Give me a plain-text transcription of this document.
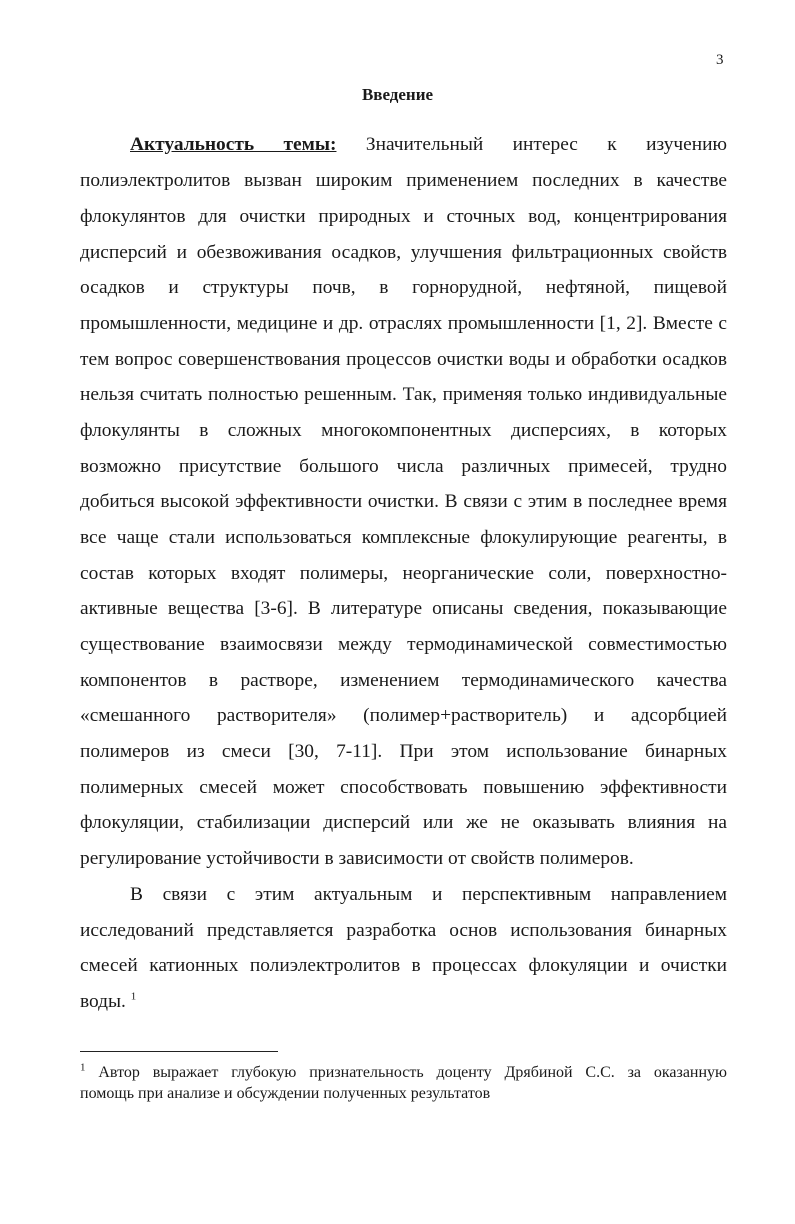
3
Введение
Актуальность темы: Значительный интерес к изучению
полиэлектролитов вызван широким применением последних в качестве
флокулянтов для очистки природных и сточных вод, концентрирования
дисперсий и обезвоживания осадков, улучшения фильтрационных свойств
осадков и структуры почв, в горнорудной, нефтяной, пищевой
промышленности, медицине и др. отраслях промышленности [1, 2]. Вместе с
тем вопрос совершенствования процессов очистки воды и обработки осадков
нельзя считать полностью решенным. Так, применяя только индивидуальные
флокулянты в сложных многокомпонентных дисперсиях, в которых
возможно присутствие большого числа различных примесей, трудно
добиться высокой эффективности очистки. В связи с этим в последнее время
все чаще стали использоваться комплексные флокулирующие реагенты, в
состав которых входят полимеры, неорганические соли, поверхностно-
активные вещества [3-6]. В литературе описаны сведения, показывающие
существование взаимосвязи между термодинамической совместимостью
компонентов в растворе, изменением термодинамического качества
«смешанного растворителя» (полимер+растворитель) и адсорбцией
полимеров из смеси [30, 7-11]. При этом использование бинарных
полимерных смесей может способствовать повышению эффективности
флокуляции, стабилизации дисперсий или же не оказывать влияния на
регулирование устойчивости в зависимости от свойств полимеров.
В связи с этим актуальным и перспективным направлением
исследований представляется разработка основ использования бинарных
смесей катионных полиэлектролитов в процессах флокуляции и очистки
воды. $^1$
$^1$ Автор выражает глубокую признательность доценту Дрябиной С.С. за оказанную
помощь при анализе и обсуждении полученных результатов
